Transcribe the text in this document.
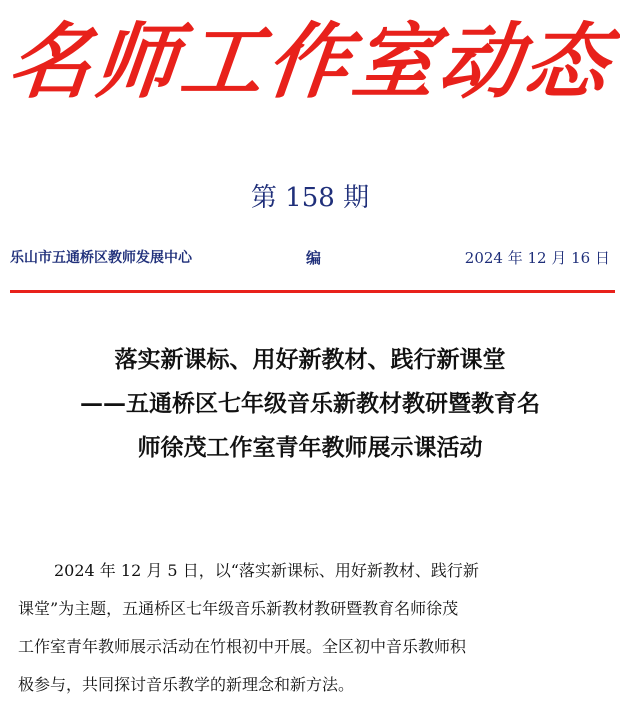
名师工作室动态
第 158 期
乐山市五通桥区教师发展中心	编	2024 年 12 月 16 日
落实新课标、用好新教材、践行新课堂
——五通桥区七年级音乐新教材教研暨教育名
师徐茂工作室青年教师展示课活动
2024 年 12 月 5 日，以“落实新课标、用好新教材、践行新
课堂”为主题，五通桥区七年级音乐新教材教研暨教育名师徐茂
工作室青年教师展示活动在竹根初中开展。全区初中音乐教师积
极参与，共同探讨音乐教学的新理念和新方法。
